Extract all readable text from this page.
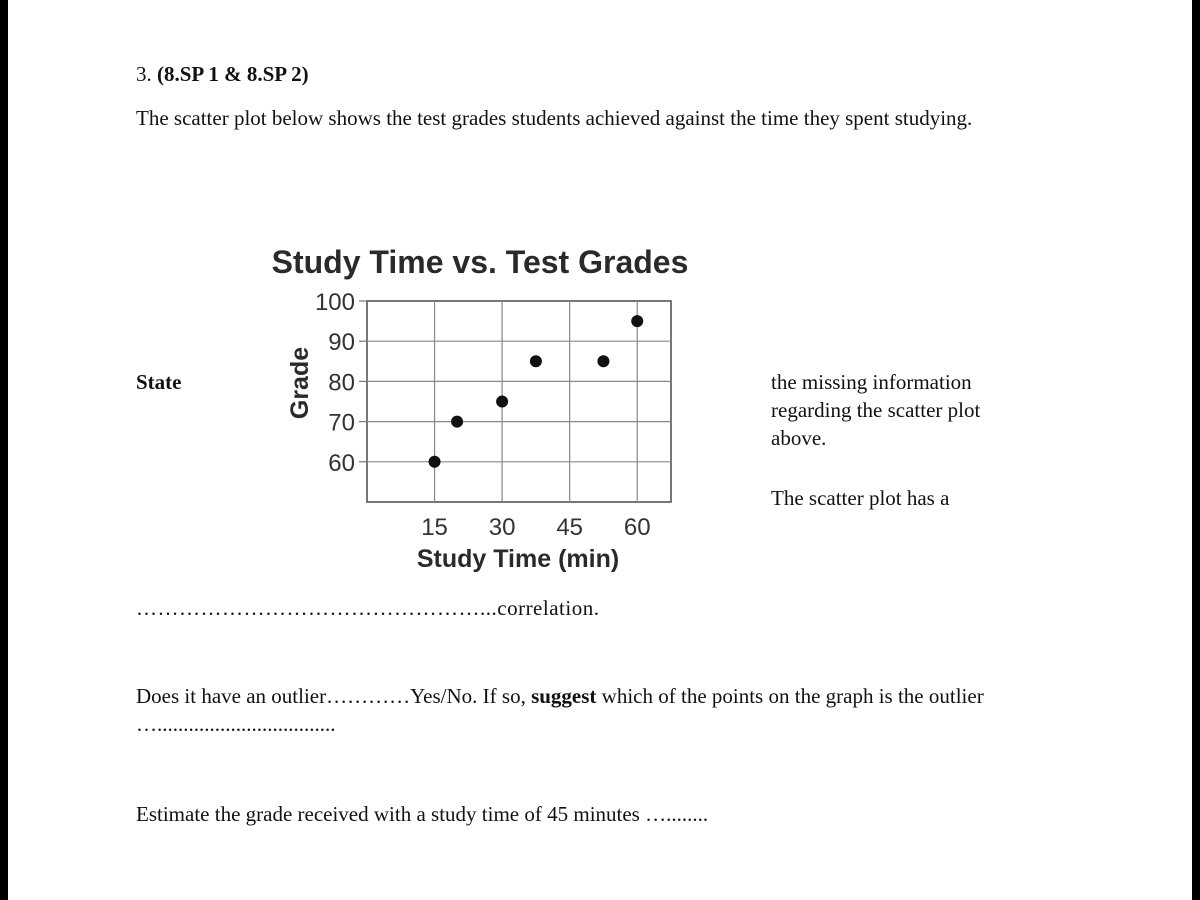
3. (8.SP 1 & 8.SP 2)
The scatter plot below shows the test grades students achieved against the time they spent studying.
State	the missing information regarding the scatter plot above.
The scatter plot has a
…………………………………………...correlation.
Does it have an outlier…………Yes/No. If so, suggest which of the points on the graph is the outlier …..................................
Estimate the grade received with a study time of 45 minutes …........
Study Time vs. Test Grades
60
70
80
90
100
15 30 45 60
Study Time (min)
Grade
